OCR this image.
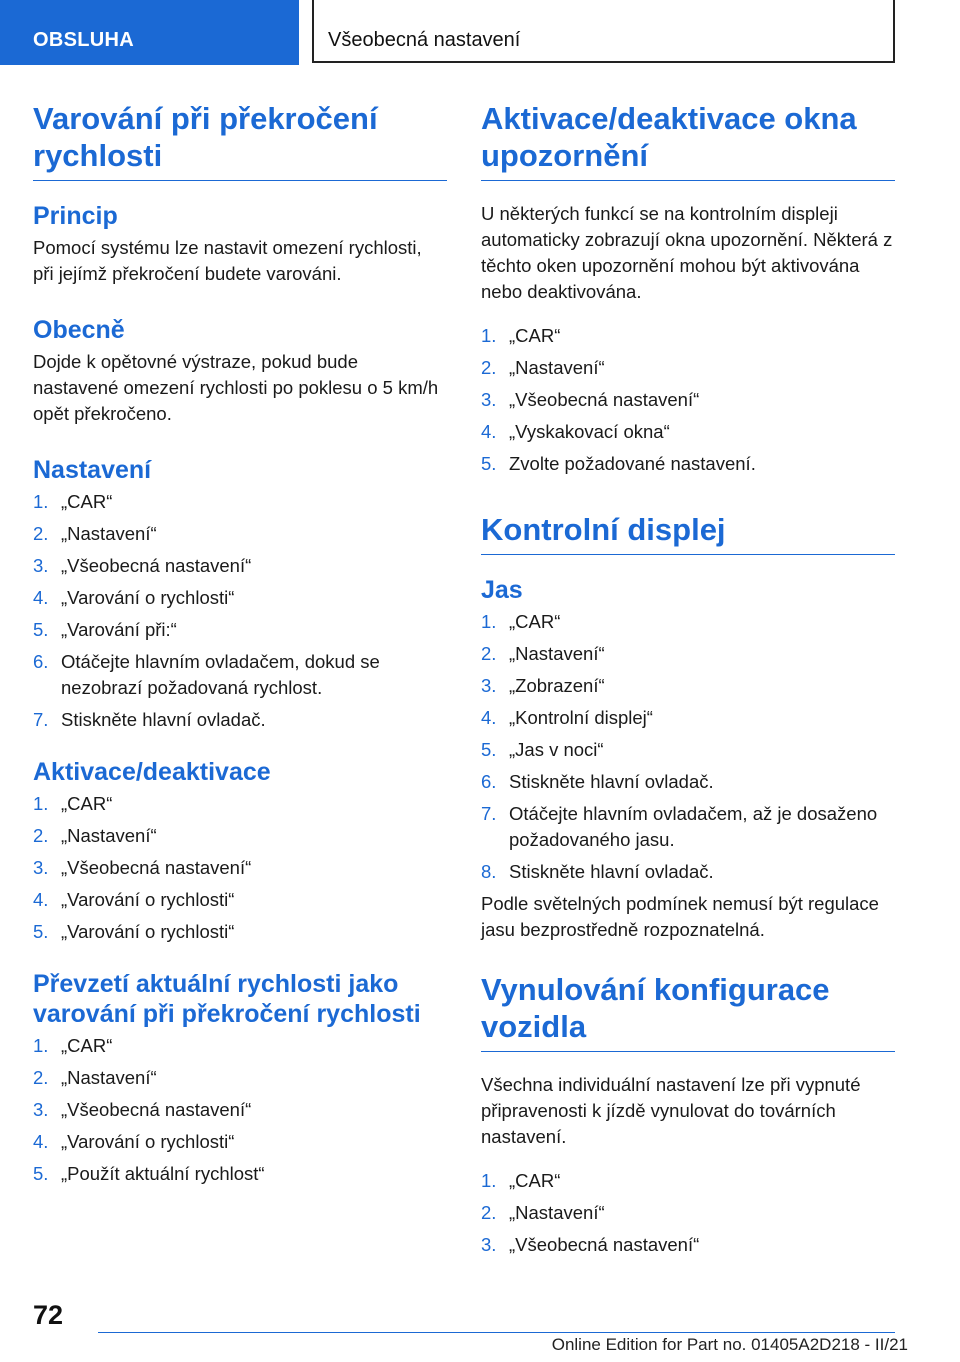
OBSLUHA	Všeobecná nastavení
Varování při překročení rychlosti
Princip

Pomocí systému lze nastavit omezení rychlosti, při jejímž překročení budete varováni.

Obecně

Dojde k opětovné výstraze, pokud bude nastavené omezení rychlosti po poklesu o 5 km/h opět překročeno.

Nastavení
1. „CAR“
2. „Nastavení“
3. „Všeobecná nastavení“
4. „Varování o rychlosti“
5. „Varování při:“
6. Otáčejte hlavním ovladačem, dokud se nezobrazí požadovaná rychlost.
7. Stiskněte hlavní ovladač.
Aktivace/deaktivace
1. „CAR“
2. „Nastavení“
3. „Všeobecná nastavení“
4. „Varování o rychlosti“
5. „Varování o rychlosti“
Převzetí aktuální rychlosti jako varování při překročení rychlosti
1. „CAR“
2. „Nastavení“
3. „Všeobecná nastavení“
4. „Varování o rychlosti“
5. „Použít aktuální rychlost“
Aktivace/deaktivace okna upozornění

U některých funkcí se na kontrolním displeji automaticky zobrazují okna upozornění. Některá z těchto oken upozornění mohou být aktivována nebo deaktivována.

1. „CAR“
2. „Nastavení“
3. „Všeobecná nastavení“
4. „Vyskakovací okna“
5. Zvolte požadované nastavení.
Kontrolní displej
Jas
1. „CAR“
2. „Nastavení“
3. „Zobrazení“
4. „Kontrolní displej“
5. „Jas v noci“
6. Stiskněte hlavní ovladač.
7. Otáčejte hlavním ovladačem, až je dosaženo požadovaného jasu.
8. Stiskněte hlavní ovladač.

Podle světelných podmínek nemusí být regulace jasu bezprostředně rozpoznatelná.

Vynulování konfigurace vozidla

Všechna individuální nastavení lze při vypnuté připravenosti k jízdě vynulovat do továrních nastavení.

1. „CAR“
2. „Nastavení“
3. „Všeobecná nastavení“
72
Online Edition for Part no. 01405A2D218 - II/21
